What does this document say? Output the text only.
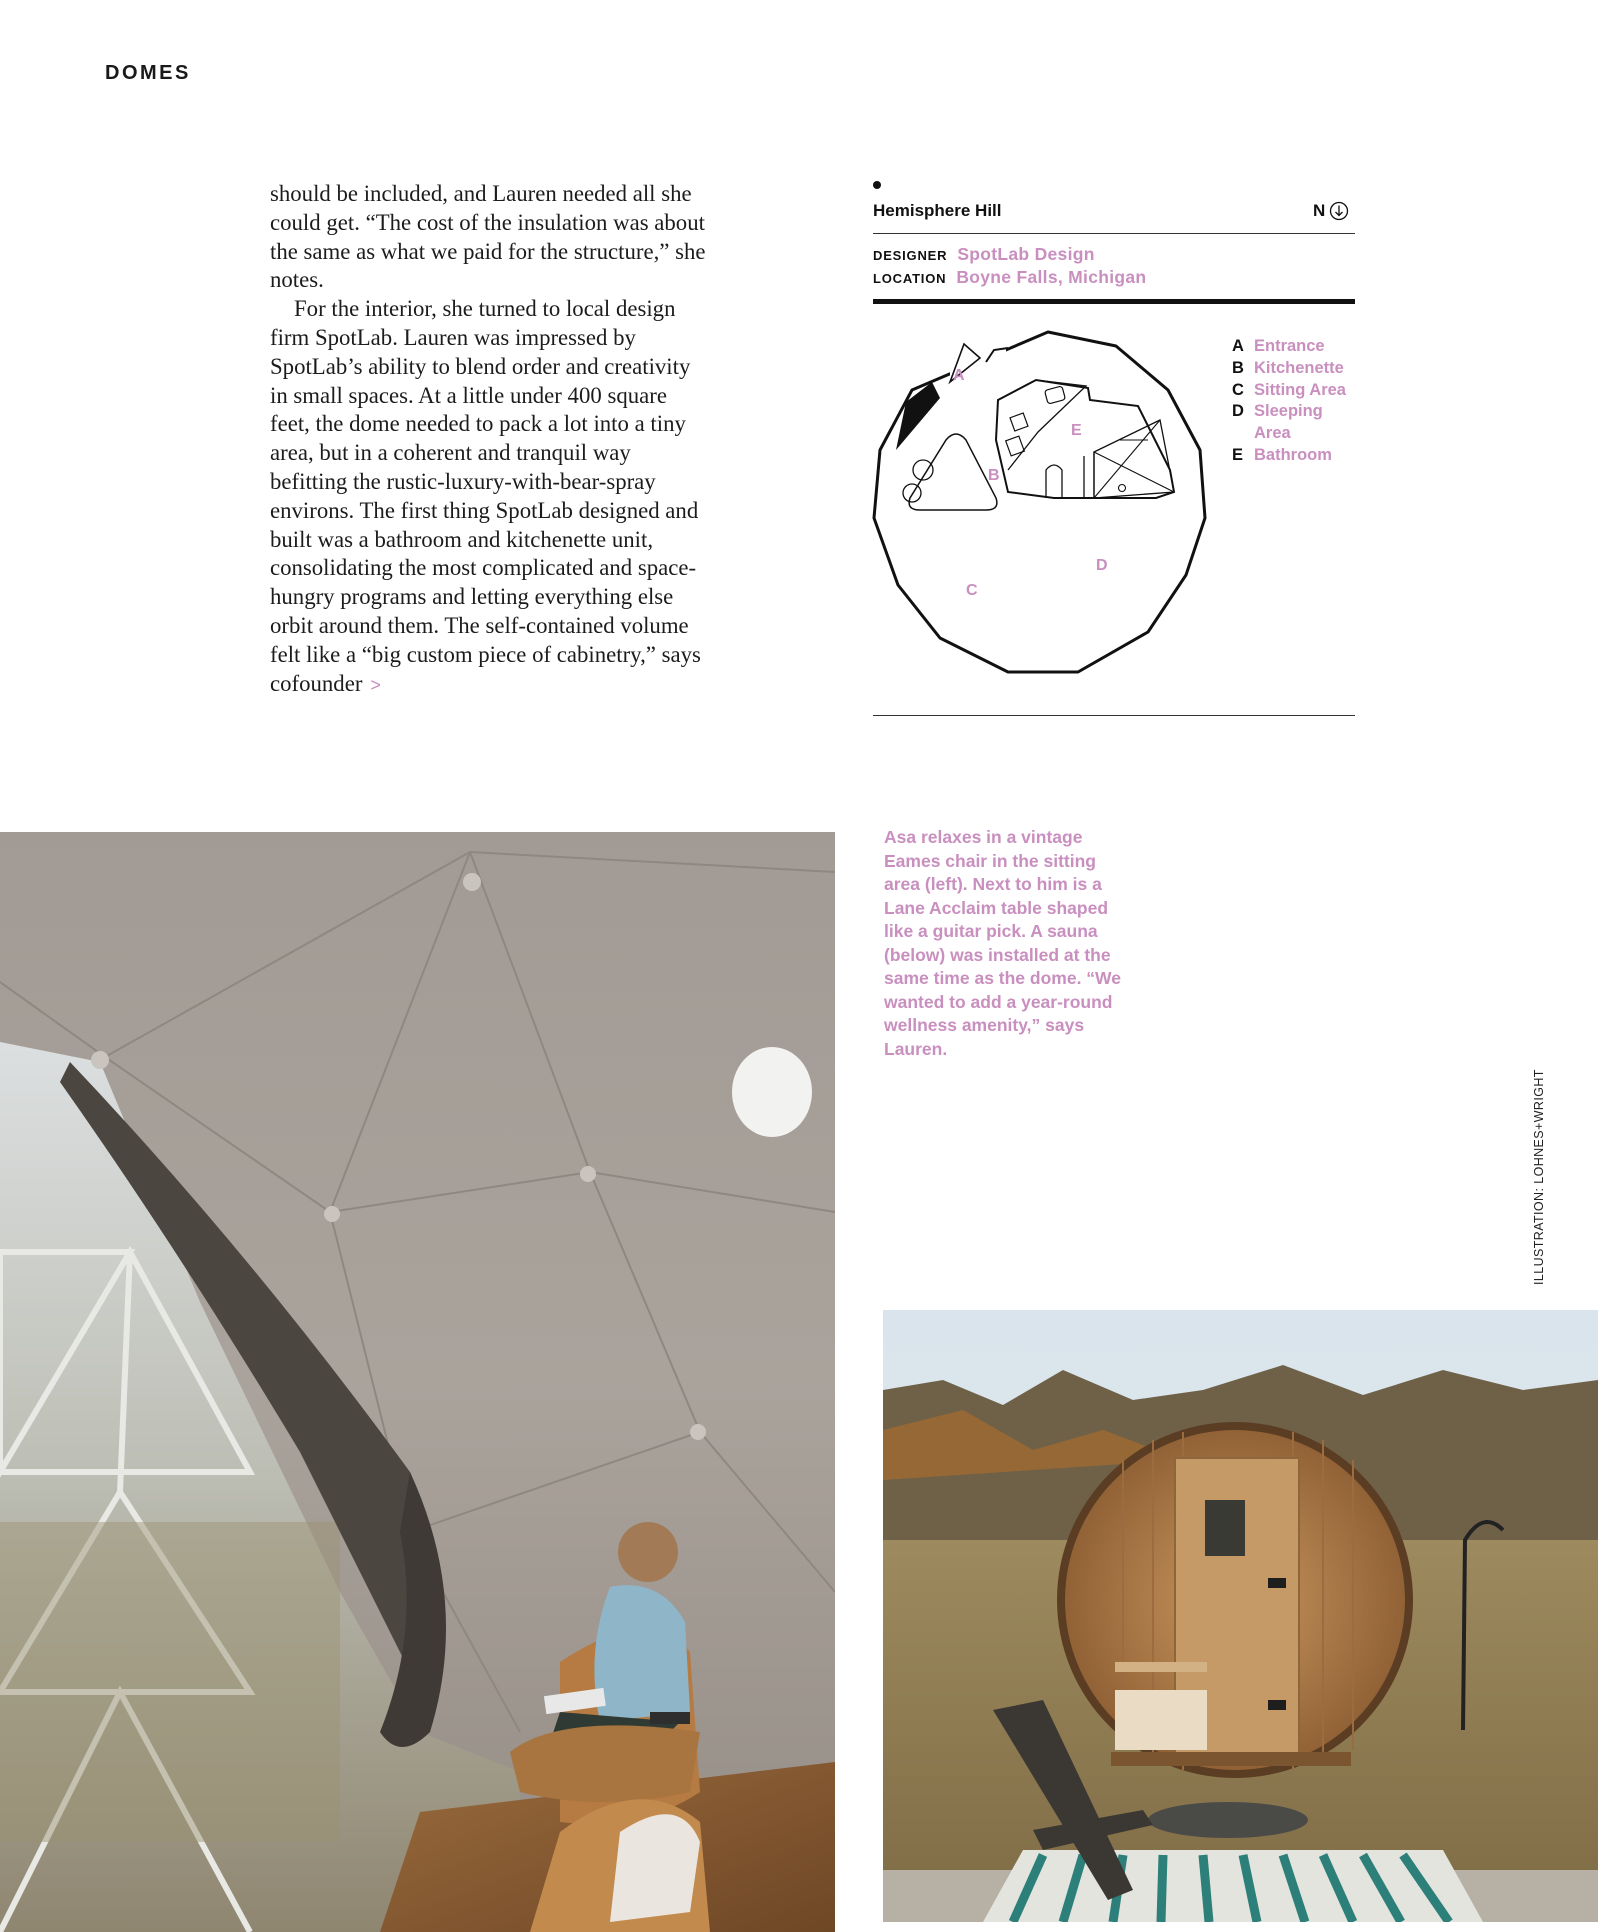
DOMES

should be included, and Lauren needed all she could get. “The cost of the insulation was about the same as what we paid for the structure,” she notes.

For the interior, she turned to local design firm SpotLab. Lauren was impressed by SpotLab’s ability to blend order and creativity in small spaces. At a little under 400 square feet, the dome needed to pack a lot into a tiny area, but in a coherent and tranquil way befitting the rustic-luxury-with-bear-spray environs. The first thing SpotLab designed and built was a bathroom and kitchenette unit, consolidating the most complicated and space-hungry programs and letting everything else orbit around them. The self-contained volume felt like a “big custom piece of cabinetry,” says cofounder >

Hemisphere Hill	N
DESIGNER SpotLab Design
LOCATION Boyne Falls, Michigan
A
B
C
D
E
A Entrance
B Kitchenette
C Sitting Area
D Sleeping Area
E Bathroom
Asa relaxes in a vintage Eames chair in the sitting area (left). Next to him is a Lane Acclaim table shaped like a guitar pick. A sauna (below) was installed at the same time as the dome. “We wanted to add a year-round wellness amenity,” says Lauren.
ILLUSTRATION: LOHNES+WRIGHT
